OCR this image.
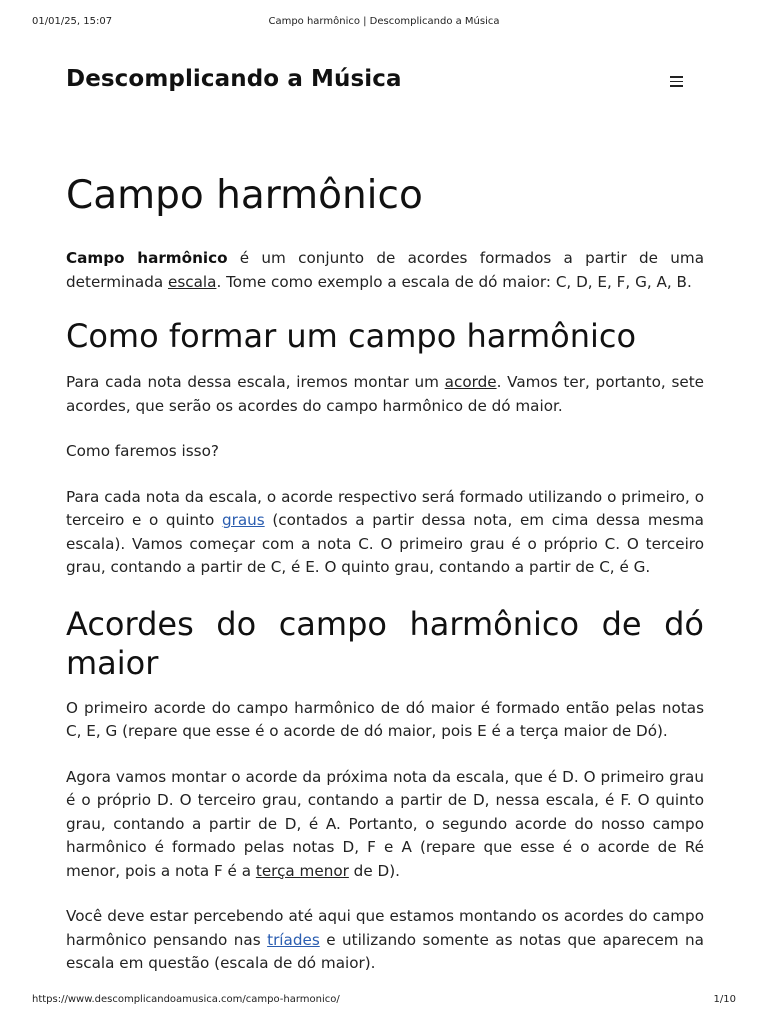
01/01/25, 15:07	Campo harmônico | Descomplicando a Música
Descomplicando a Música
Campo harmônico

Campo harmônico é um conjunto de acordes formados a partir de uma determinada escala. Tome como exemplo a escala de dó maior: C, D, E, F, G, A, B.

Como formar um campo harmônico

Para cada nota dessa escala, iremos montar um acorde. Vamos ter, portanto, sete acordes, que serão os acordes do campo harmônico de dó maior.

Como faremos isso?

Para cada nota da escala, o acorde respectivo será formado utilizando o primeiro, o terceiro e o quinto graus (contados a partir dessa nota, em cima dessa mesma escala). Vamos começar com a nota C. O primeiro grau é o próprio C. O terceiro grau, contando a partir de C, é E. O quinto grau, contando a partir de C, é G.

Acordes do campo harmônico de dó maior

O primeiro acorde do campo harmônico de dó maior é formado então pelas notas C, E, G (repare que esse é o acorde de dó maior, pois E é a terça maior de Dó).

Agora vamos montar o acorde da próxima nota da escala, que é D. O primeiro grau é o próprio D. O terceiro grau, contando a partir de D, nessa escala, é F. O quinto grau, contando a partir de D, é A. Portanto, o segundo acorde do nosso campo harmônico é formado pelas notas D, F e A (repare que esse é o acorde de Ré menor, pois a nota F é a terça menor de D).

Você deve estar percebendo até aqui que estamos montando os acordes do campo harmônico pensando nas tríades e utilizando somente as notas que aparecem na escala em questão (escala de dó maior).

https://www.descomplicandoamusica.com/campo-harmonico/	1/10
